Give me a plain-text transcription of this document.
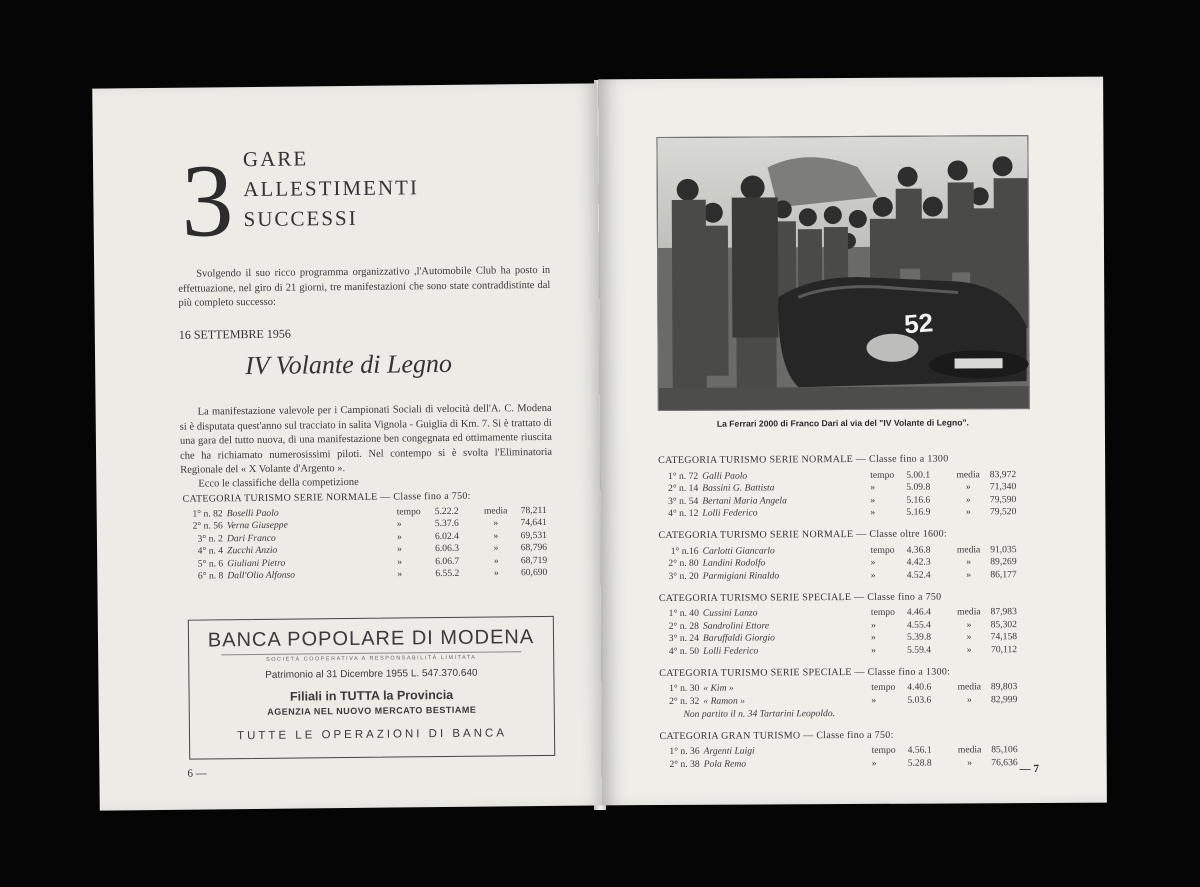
3 GARE
ALLESTIMENTI
SUCCESSI
Svolgendo il suo ricco programma organizzativo ,l'Automobile Club ha posto in effettuazione, nel giro di 21 giorni, tre manifestazioni che sono state contraddistinte dal più completo successo:
16 SETTEMBRE 1956
IV Volante di Legno
La manifestazione valevole per i Campionati Sociali di velocità dell'A. C. Modena si è disputata quest'anno sul tracciato in salita Vignola - Guiglia di Km. 7. Si è trattato di una gara del tutto nuova, di una manifestazione ben congegnata ed ottimamente riuscita che ha richiamato numerosissimi piloti. Nel contempo si è svolta l'Eliminatoria Regionale del « X Volante d'Argento ».
Ecco le classifiche della competizione
CATEGORIA TURISMO SERIE NORMALE — Classe fino a 750:
1° n. 82	Boselli Paolo	tempo	5.22.2	media	78,211
2° n. 56	Verna Giuseppe	»	5.37.6	»	74,641
3° n. 2	Dari Franco	»	6.02.4	»	69,531
4° n. 4	Zucchi Anzio	»	6.06.3	»	68,796
5° n. 6	Giuliani Pietro	»	6.06.7	»	68,719
6° n. 8	Dall'Olio Alfonso	»	6.55.2	»	60,690
BANCA POPOLARE DI MODENA
SOCIETÀ COOPERATIVA A RESPONSABILITÀ LIMITATA
Patrimonio al 31 Dicembre 1955 L. 547.370.640
Filiali in TUTTA la Provincia
AGENZIA NEL NUOVO MERCATO BESTIAME
TUTTE LE OPERAZIONI DI BANCA
6 —
52
La Ferrari 2000 di Franco Dari al via del "IV Volante di Legno".
CATEGORIA TURISMO SERIE NORMALE — Classe fino a 1300
1° n. 72	Galli Paolo	tempo	5.00.1	media	83,972
2° n. 14	Bassini G. Battista	»	5.09.8	»	71,340
3° n. 54	Bertani Maria Angela	»	5.16.6	»	79,590
4° n. 12	Lolli Federico	»	5.16.9	»	79,520
CATEGORIA TURISMO SERIE NORMALE — Classe oltre 1600:
1° n.16	Carlotti Giancarlo	tempo	4.36.8	media	91,035
2° n. 80	Landini Rodolfo	»	4.42.3	»	89,269
3° n. 20	Parmigiani Rinaldo	»	4.52.4	»	86,177
CATEGORIA TURISMO SERIE SPECIALE — Classe fino a 750
1° n. 40	Cussini Lanzo	tempo	4.46.4	media	87,983
2° n. 28	Sandrolini Ettore	»	4.55.4	»	85,302
3° n. 24	Baruffaldi Giorgio	»	5.39.8	»	74,158
4° n. 50	Lolli Federico	»	5.59.4	»	70,112
CATEGORIA TURISMO SERIE SPECIALE — Classe fino a 1300:
1° n. 30	« Kim »	tempo	4.40.6	media	89,803
2° n. 32	« Ramon »	»	5.03.6	»	82,999
Non partito il n. 34 Tartarini Leopoldo.
CATEGORIA GRAN TURISMO — Classe fino a 750:
1° n. 36	Argenti Luigi	tempo	4.56.1	media	85,106
2° n. 38	Pola Remo	»	5.28.8	»	76,636
— 7
